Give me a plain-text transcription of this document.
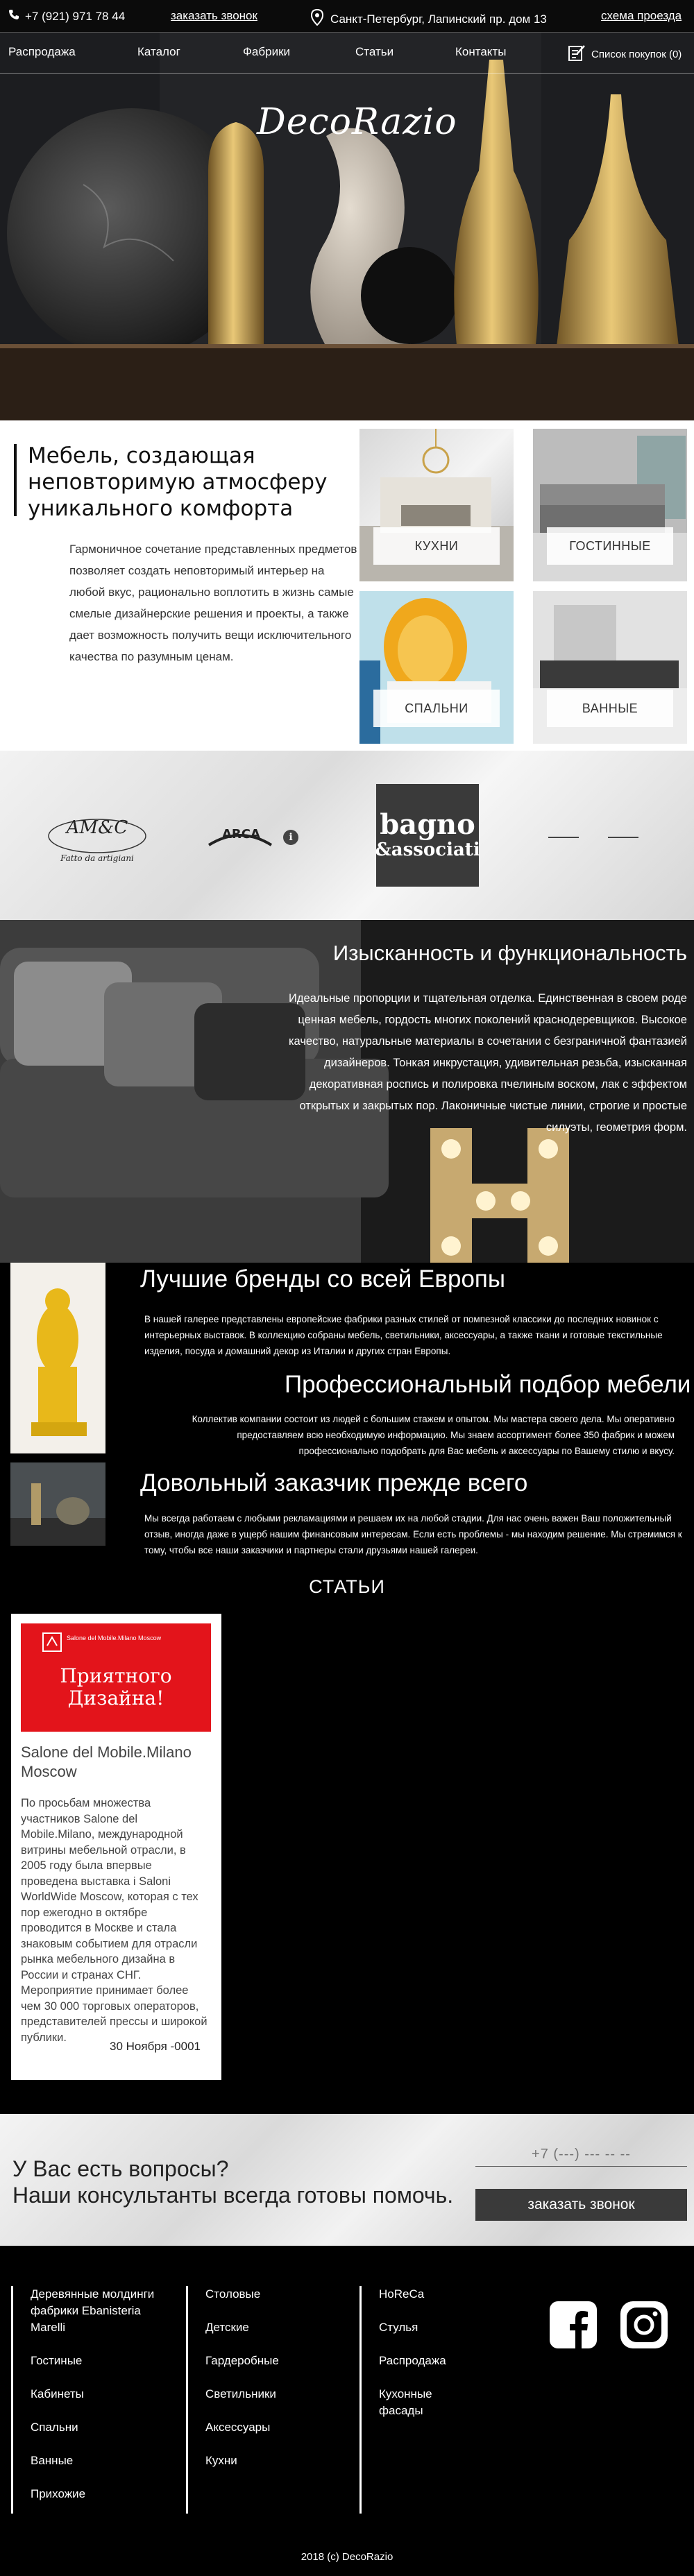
DecoRazio
+7 (921) 971 78 44	заказать звонок	Санкт-Петербург, Лапинский пр. дом 13	схема проезда
Распродажа	Каталог	Фабрики	Статьи	Контакты	Список покупок (0)
Мебель, создающая неповторимую атмосферу уникального комфорта

Гармоничное сочетание представленных предметов позволяет создать неповторимый интерьер на любой вкус, рационально воплотить в жизнь самые смелые дизайнерские решения и проекты, а также дает возможность получить вещи исключительного качества по разумным ценам.

КУХНИ	ГОСТИННЫЕ
СПАЛЬНИ	ВАННЫЕ
AM&C
Fatto da artigiani
ARCA	ℹ	bagno
&associati
Изысканность и функциональность

Идеальные пропорции и тщательная отделка. Единственная в своем роде ценная мебель, гордость многих поколений краснодеревщиков. Высокое качество, натуральные материалы в сочетании с безграничной фантазией дизайнеров. Тонкая инкрустация, удивительная резьба, изысканная декоративная роспись и полировка пчелиным воском, лак с эффектом открытых и закрытых пор. Лаконичные чистые линии, строгие и простые силуэты, геометрия форм.

Лучшие бренды со всей Европы

В нашей галерее представлены европейские фабрики разных стилей от помпезной классики до последних новинок с интерьерных выставок. В коллекцию собраны мебель, светильники, аксессуары, а также ткани и готовые текстильные изделия, посуда и домашний декор из Италии и других стран Европы.

Профессиональный подбор мебели

Коллектив компании состоит из людей с большим стажем и опытом. Мы мастера своего дела. Мы оперативно предоставляем всю необходимую информацию. Мы знаем ассортимент более 350 фабрик и можем профессионально подобрать для Вас мебель и аксессуары по Вашему стилю и вкусу.

Довольный заказчик прежде всего

Мы всегда работаем с любыми рекламациями и решаем их на любой стадии. Для нас очень важен Ваш положительный отзыв, иногда даже в ущерб нашим финансовым интересам. Если есть проблемы - мы находим решение. Мы стремимся к тому, чтобы все наши заказчики и партнеры стали друзьями нашей галереи.

СТАТЬИ
Salone del Mobile.Milano Moscow
Приятного Дизайна!
Salone del Mobile.Milano Moscow
По просьбам множества участников Salone del Mobile.Milano, международной витрины мебельной отрасли, в 2005 году была впервые проведена выставка i Saloni WorldWide Moscow, которая с тех пор ежегодно в октябре проводится в Москве и стала знаковым событием для отрасли рынка мебельного дизайна в России и странах СНГ. Мероприятие принимает более чем 30 000 торговых операторов, представителей прессы и широкой публики.
30 Ноября -0001
У Вас есть вопросы?
Наши консультанты всегда готовы помочь.
+7 (---) --- -- --	заказать звонок
Деревянные молдинги фабрики Ebanisteria Marelli
Гостиные
Кабинеты
Спальни
Ванные
Прихожие
Столовые
Детские
Гардеробные
Светильники
Аксессуары
Кухни
HoReCa
Стулья
Распродажа
Кухонные фасады
2018 (c) DecoRazio
